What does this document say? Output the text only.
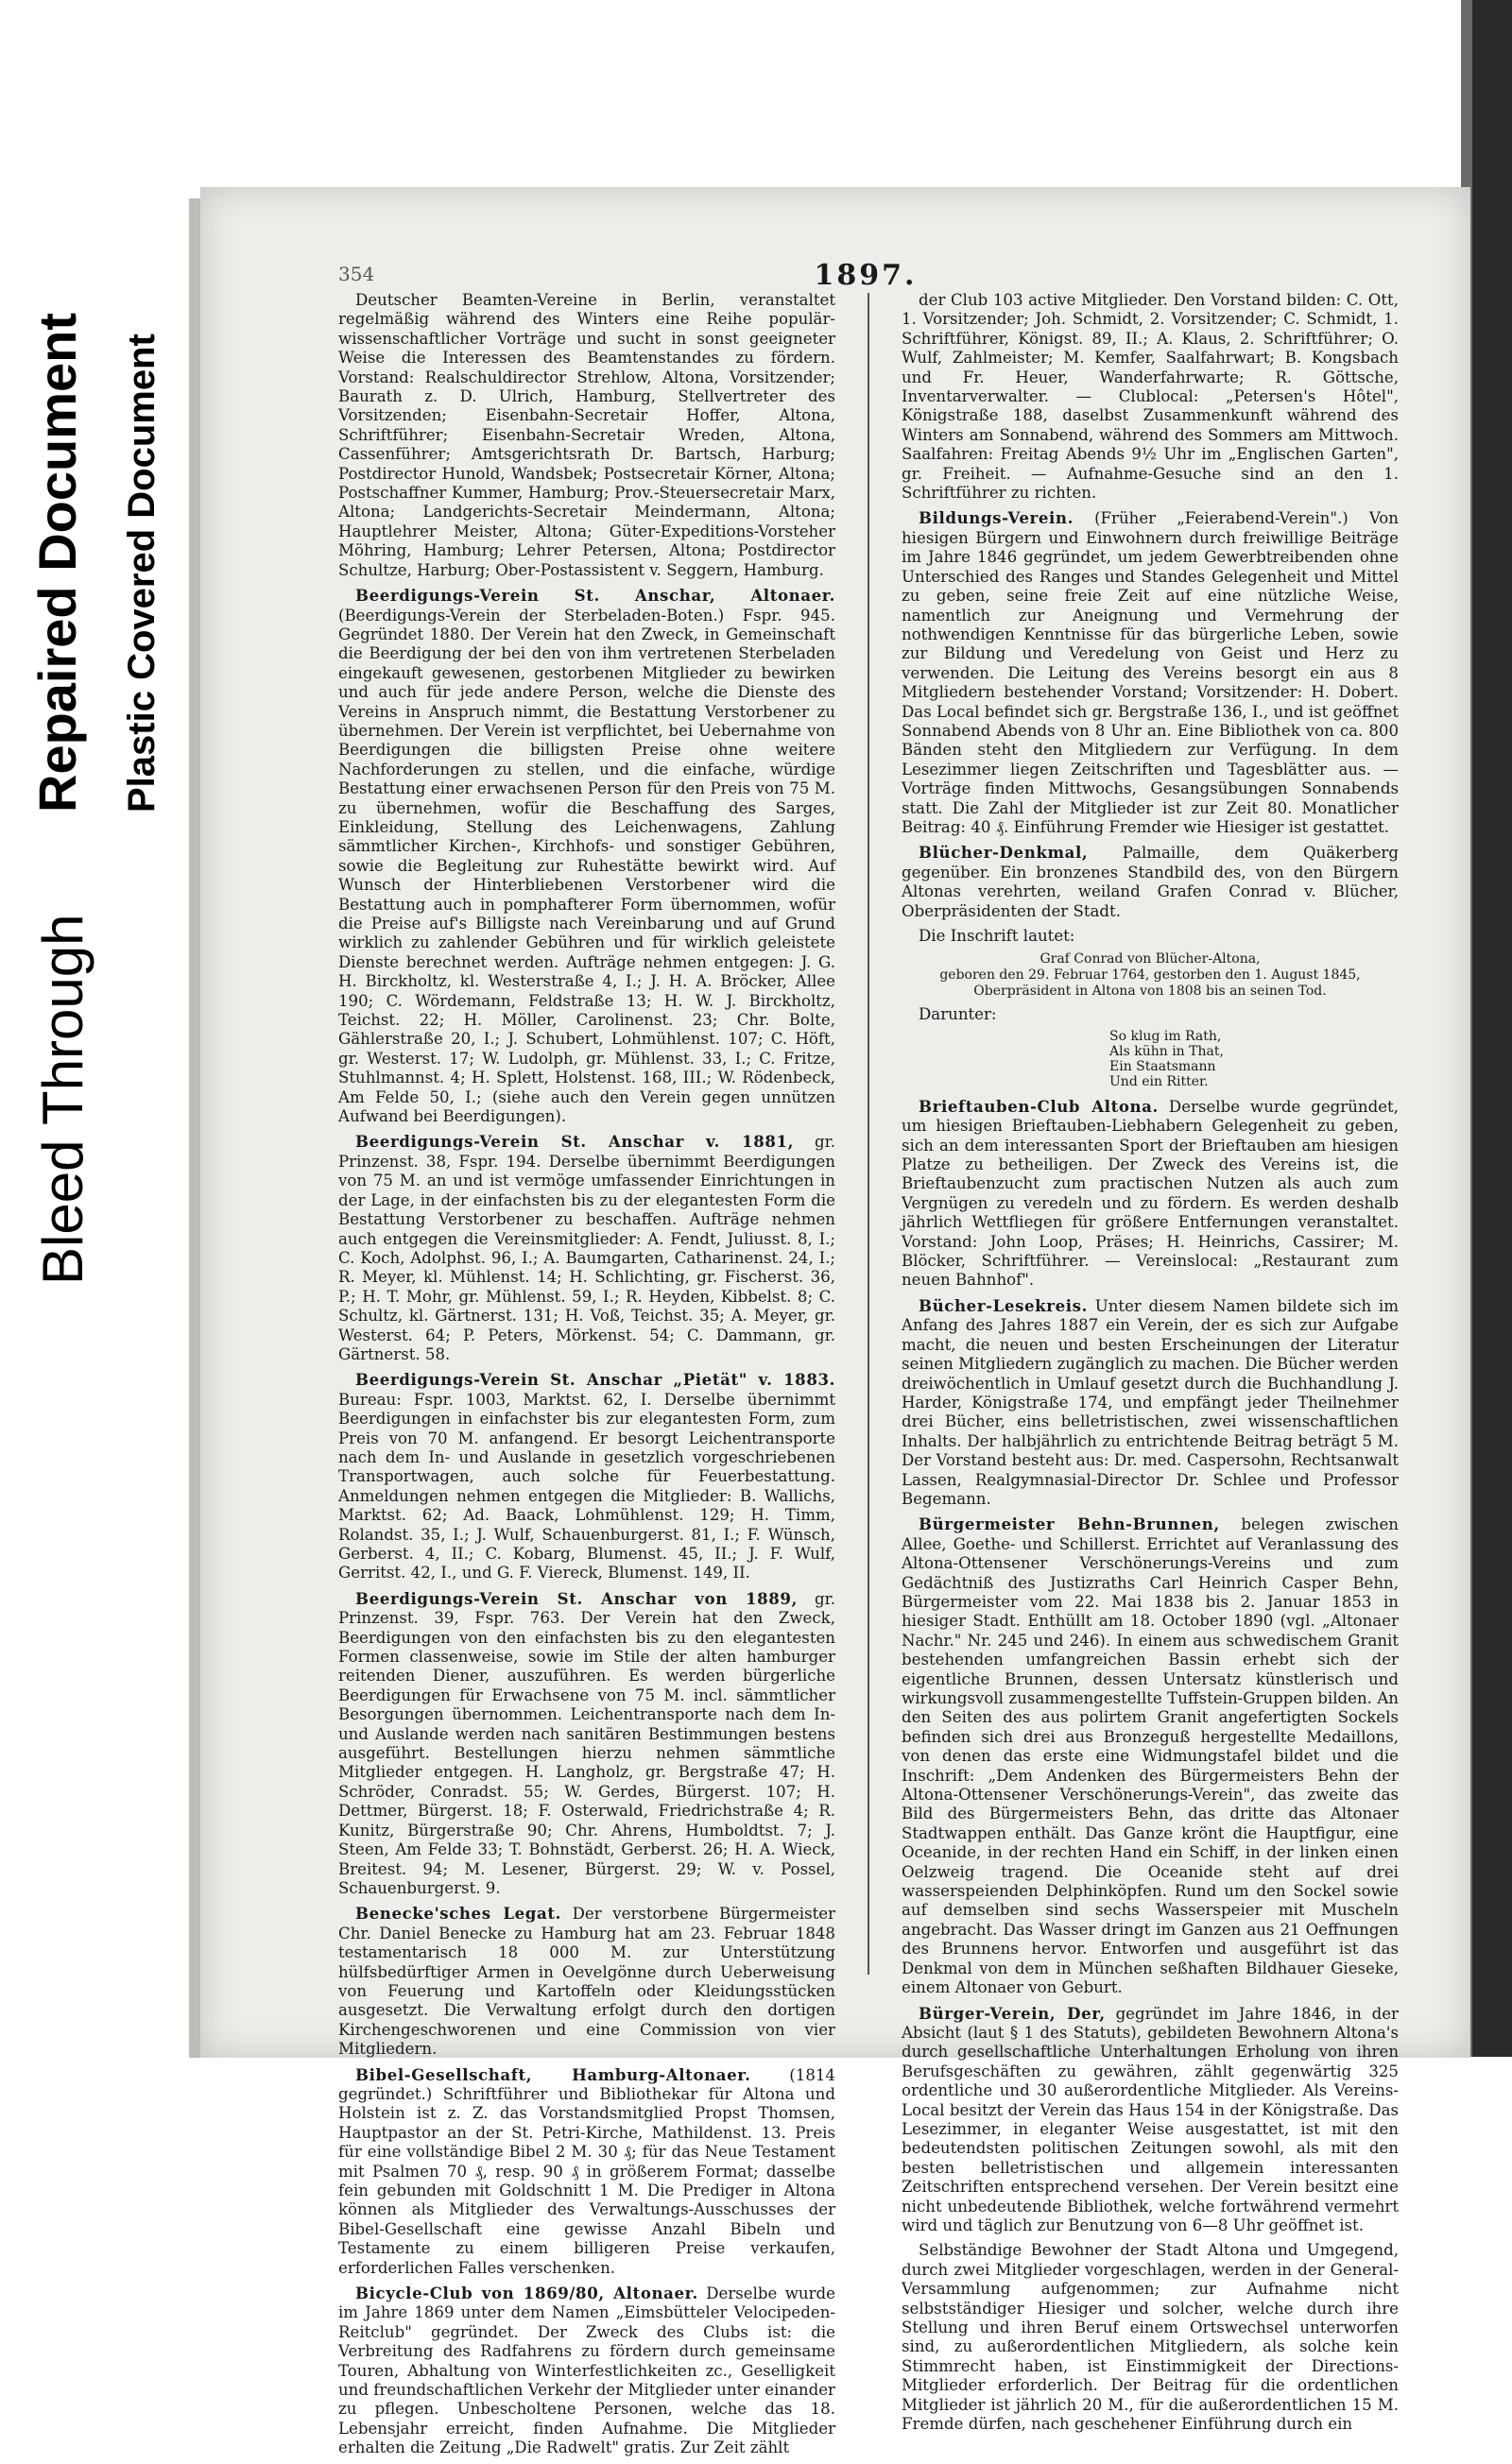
Bleed Through
Repaired Document Plastic Covered Document
354	1897.

Deutscher Beamten-Vereine in Berlin, veranstaltet regelmäßig während des Winters eine Reihe populär-wissenschaftlicher Vorträge und sucht in sonst geeigneter Weise die Interessen des Beamtenstandes zu fördern. Vorstand: Realschuldirector Strehlow, Altona, Vorsitzender; Baurath z. D. Ulrich, Hamburg, Stellvertreter des Vorsitzenden; Eisenbahn-Secretair Hoffer, Altona, Schriftführer; Eisenbahn-Secretair Wreden, Altona, Cassenführer; Amtsgerichtsrath Dr. Bartsch, Harburg; Postdirector Hunold, Wandsbek; Postsecretair Körner, Altona; Postschaffner Kummer, Hamburg; Prov.-Steuersecretair Marx, Altona; Landgerichts-Secretair Meindermann, Altona; Hauptlehrer Meister, Altona; Güter-Expeditions-Vorsteher Möhring, Hamburg; Lehrer Petersen, Altona; Postdirector Schultze, Harburg; Ober-Postassistent v. Seggern, Hamburg.

Beerdigungs-Verein St. Anschar, Altonaer. (Beerdigungs-Verein der Sterbeladen-Boten.) Fspr. 945. Gegründet 1880. Der Verein hat den Zweck, in Gemeinschaft die Beerdigung der bei den von ihm vertretenen Sterbeladen eingekauft gewesenen, gestorbenen Mitglieder zu bewirken und auch für jede andere Person, welche die Dienste des Vereins in Anspruch nimmt, die Bestattung Verstorbener zu übernehmen. Der Verein ist verpflichtet, bei Uebernahme von Beerdigungen die billigsten Preise ohne weitere Nachforderungen zu stellen, und die einfache, würdige Bestattung einer erwachsenen Person für den Preis von 75 M. zu übernehmen, wofür die Beschaffung des Sarges, Einkleidung, Stellung des Leichenwagens, Zahlung sämmtlicher Kirchen-, Kirchhofs- und sonstiger Gebühren, sowie die Begleitung zur Ruhestätte bewirkt wird. Auf Wunsch der Hinterbliebenen Verstorbener wird die Bestattung auch in pomphafterer Form übernommen, wofür die Preise auf's Billigste nach Vereinbarung und auf Grund wirklich zu zahlender Gebühren und für wirklich geleistete Dienste berechnet werden. Aufträge nehmen entgegen: J. G. H. Birckholtz, kl. Westerstraße 4, I.; J. H. A. Bröcker, Allee 190; C. Wördemann, Feldstraße 13; H. W. J. Birckholtz, Teichst. 22; H. Möller, Carolinenst. 23; Chr. Bolte, Gählerstraße 20, I.; J. Schubert, Lohmühlenst. 107; C. Höft, gr. Westerst. 17; W. Ludolph, gr. Mühlenst. 33, I.; C. Fritze, Stuhlmannst. 4; H. Splett, Holstenst. 168, III.; W. Rödenbeck, Am Felde 50, I.; (siehe auch den Verein gegen unnützen Aufwand bei Beerdigungen).

Beerdigungs-Verein St. Anschar v. 1881, gr. Prinzenst. 38, Fspr. 194. Derselbe übernimmt Beerdigungen von 75 M. an und ist vermöge umfassender Einrichtungen in der Lage, in der einfachsten bis zu der elegantesten Form die Bestattung Verstorbener zu beschaffen. Aufträge nehmen auch entgegen die Vereinsmitglieder: A. Fendt, Juliusst. 8, I.; C. Koch, Adolphst. 96, I.; A. Baumgarten, Catharinenst. 24, I.; R. Meyer, kl. Mühlenst. 14; H. Schlichting, gr. Fischerst. 36, P.; H. T. Mohr, gr. Mühlenst. 59, I.; R. Heyden, Kibbelst. 8; C. Schultz, kl. Gärtnerst. 131; H. Voß, Teichst. 35; A. Meyer, gr. Westerst. 64; P. Peters, Mörkenst. 54; C. Dammann, gr. Gärtnerst. 58.

Beerdigungs-Verein St. Anschar „Pietät" v. 1883. Bureau: Fspr. 1003, Marktst. 62, I. Derselbe übernimmt Beerdigungen in einfachster bis zur elegantesten Form, zum Preis von 70 M. anfangend. Er besorgt Leichentransporte nach dem In- und Auslande in gesetzlich vorgeschriebenen Transportwagen, auch solche für Feuerbestattung. Anmeldungen nehmen entgegen die Mitglieder: B. Wallichs, Marktst. 62; Ad. Baack, Lohmühlenst. 129; H. Timm, Rolandst. 35, I.; J. Wulf, Schauenburgerst. 81, I.; F. Wünsch, Gerberst. 4, II.; C. Kobarg, Blumenst. 45, II.; J. F. Wulf, Gerritst. 42, I., und G. F. Viereck, Blumenst. 149, II.

Beerdigungs-Verein St. Anschar von 1889, gr. Prinzenst. 39, Fspr. 763. Der Verein hat den Zweck, Beerdigungen von den einfachsten bis zu den elegantesten Formen classenweise, sowie im Stile der alten hamburger reitenden Diener, auszuführen. Es werden bürgerliche Beerdigungen für Erwachsene von 75 M. incl. sämmtlicher Besorgungen übernommen. Leichentransporte nach dem In- und Auslande werden nach sanitären Bestimmungen bestens ausgeführt. Bestellungen hierzu nehmen sämmtliche Mitglieder entgegen. H. Langholz, gr. Bergstraße 47; H. Schröder, Conradst. 55; W. Gerdes, Bürgerst. 107; H. Dettmer, Bürgerst. 18; F. Osterwald, Friedrichstraße 4; R. Kunitz, Bürgerstraße 90; Chr. Ahrens, Humboldtst. 7; J. Steen, Am Felde 33; T. Bohnstädt, Gerberst. 26; H. A. Wieck, Breitest. 94; M. Lesener, Bürgerst. 29; W. v. Possel, Schauenburgerst. 9.

Benecke'sches Legat. Der verstorbene Bürgermeister Chr. Daniel Benecke zu Hamburg hat am 23. Februar 1848 testamentarisch 18 000 M. zur Unterstützung hülfsbedürftiger Armen in Oevelgönne durch Ueberweisung von Feuerung und Kartoffeln oder Kleidungsstücken ausgesetzt. Die Verwaltung erfolgt durch den dortigen Kirchengeschworenen und eine Commission von vier Mitgliedern.

Bibel-Gesellschaft, Hamburg-Altonaer. (1814 gegründet.) Schriftführer und Bibliothekar für Altona und Holstein ist z. Z. das Vorstandsmitglied Propst Thomsen, Hauptpastor an der St. Petri-Kirche, Mathildenst. 13. Preis für eine vollständige Bibel 2 M. 30 ₰; für das Neue Testament mit Psalmen 70 ₰, resp. 90 ₰ in größerem Format; dasselbe fein gebunden mit Goldschnitt 1 M. Die Prediger in Altona können als Mitglieder des Verwaltungs-Ausschusses der Bibel-Gesellschaft eine gewisse Anzahl Bibeln und Testamente zu einem billigeren Preise verkaufen, erforderlichen Falles verschenken.

Bicycle-Club von 1869/80, Altonaer. Derselbe wurde im Jahre 1869 unter dem Namen „Eimsbütteler Velocipeden-Reitclub" gegründet. Der Zweck des Clubs ist: die Verbreitung des Radfahrens zu fördern durch gemeinsame Touren, Abhaltung von Winterfestlichkeiten zc., Geselligkeit und freundschaftlichen Verkehr der Mitglieder unter einander zu pflegen. Unbescholtene Personen, welche das 18. Lebensjahr erreicht, finden Aufnahme. Die Mitglieder erhalten die Zeitung „Die Radwelt" gratis. Zur Zeit zählt

der Club 103 active Mitglieder. Den Vorstand bilden: C. Ott, 1. Vorsitzender; Joh. Schmidt, 2. Vorsitzender; C. Schmidt, 1. Schriftführer, Königst. 89, II.; A. Klaus, 2. Schriftführer; O. Wulf, Zahlmeister; M. Kemfer, Saalfahrwart; B. Kongsbach und Fr. Heuer, Wanderfahrwarte; R. Göttsche, Inventarverwalter. — Clublocal: „Petersen's Hôtel", Königstraße 188, daselbst Zusammenkunft während des Winters am Sonnabend, während des Sommers am Mittwoch. Saalfahren: Freitag Abends 9½ Uhr im „Englischen Garten", gr. Freiheit. — Aufnahme-Gesuche sind an den 1. Schriftführer zu richten.

Bildungs-Verein. (Früher „Feierabend-Verein".) Von hiesigen Bürgern und Einwohnern durch freiwillige Beiträge im Jahre 1846 gegründet, um jedem Gewerbtreibenden ohne Unterschied des Ranges und Standes Gelegenheit und Mittel zu geben, seine freie Zeit auf eine nützliche Weise, namentlich zur Aneignung und Vermehrung der nothwendigen Kenntnisse für das bürgerliche Leben, sowie zur Bildung und Veredelung von Geist und Herz zu verwenden. Die Leitung des Vereins besorgt ein aus 8 Mitgliedern bestehender Vorstand; Vorsitzender: H. Dobert. Das Local befindet sich gr. Bergstraße 136, I., und ist geöffnet Sonnabend Abends von 8 Uhr an. Eine Bibliothek von ca. 800 Bänden steht den Mitgliedern zur Verfügung. In dem Lesezimmer liegen Zeitschriften und Tagesblätter aus. — Vorträge finden Mittwochs, Gesangsübungen Sonnabends statt. Die Zahl der Mitglieder ist zur Zeit 80. Monatlicher Beitrag: 40 ₰. Einführung Fremder wie Hiesiger ist gestattet.

Blücher-Denkmal, Palmaille, dem Quäkerberg gegenüber. Ein bronzenes Standbild des, von den Bürgern Altonas verehrten, weiland Grafen Conrad v. Blücher, Oberpräsidenten der Stadt.

Die Inschrift lautet:

Graf Conrad von Blücher-Altona,
geboren den 29. Februar 1764, gestorben den 1. August 1845,
Oberpräsident in Altona von 1808 bis an seinen Tod.
Darunter:
So klug im Rath,
Als kühn in That,
Ein Staatsmann
Und ein Ritter.

Brieftauben-Club Altona. Derselbe wurde gegründet, um hiesigen Brieftauben-Liebhabern Gelegenheit zu geben, sich an dem interessanten Sport der Brieftauben am hiesigen Platze zu betheiligen. Der Zweck des Vereins ist, die Brieftaubenzucht zum practischen Nutzen als auch zum Vergnügen zu veredeln und zu fördern. Es werden deshalb jährlich Wettfliegen für größere Entfernungen veranstaltet. Vorstand: John Loop, Präses; H. Heinrichs, Cassirer; M. Blöcker, Schriftführer. — Vereinslocal: „Restaurant zum neuen Bahnhof".

Bücher-Lesekreis. Unter diesem Namen bildete sich im Anfang des Jahres 1887 ein Verein, der es sich zur Aufgabe macht, die neuen und besten Erscheinungen der Literatur seinen Mitgliedern zugänglich zu machen. Die Bücher werden dreiwöchentlich in Umlauf gesetzt durch die Buchhandlung J. Harder, Königstraße 174, und empfängt jeder Theilnehmer drei Bücher, eins belletristischen, zwei wissenschaftlichen Inhalts. Der halbjährlich zu entrichtende Beitrag beträgt 5 M. Der Vorstand besteht aus: Dr. med. Caspersohn, Rechtsanwalt Lassen, Realgymnasial-Director Dr. Schlee und Professor Begemann.

Bürgermeister Behn-Brunnen, belegen zwischen Allee, Goethe- und Schillerst. Errichtet auf Veranlassung des Altona-Ottensener Verschönerungs-Vereins und zum Gedächtniß des Justizraths Carl Heinrich Casper Behn, Bürgermeister vom 22. Mai 1838 bis 2. Januar 1853 in hiesiger Stadt. Enthüllt am 18. October 1890 (vgl. „Altonaer Nachr." Nr. 245 und 246). In einem aus schwedischem Granit bestehenden umfangreichen Bassin erhebt sich der eigentliche Brunnen, dessen Untersatz künstlerisch und wirkungsvoll zusammengestellte Tuffstein-Gruppen bilden. An den Seiten des aus polirtem Granit angefertigten Sockels befinden sich drei aus Bronzeguß hergestellte Medaillons, von denen das erste eine Widmungstafel bildet und die Inschrift: „Dem Andenken des Bürgermeisters Behn der Altona-Ottensener Verschönerungs-Verein", das zweite das Bild des Bürgermeisters Behn, das dritte das Altonaer Stadtwappen enthält. Das Ganze krönt die Hauptfigur, eine Oceanide, in der rechten Hand ein Schiff, in der linken einen Oelzweig tragend. Die Oceanide steht auf drei wasserspeienden Delphinköpfen. Rund um den Sockel sowie auf demselben sind sechs Wasserspeier mit Muscheln angebracht. Das Wasser dringt im Ganzen aus 21 Oeffnungen des Brunnens hervor. Entworfen und ausgeführt ist das Denkmal von dem in München seßhaften Bildhauer Gieseke, einem Altonaer von Geburt.

Bürger-Verein, Der, gegründet im Jahre 1846, in der Absicht (laut § 1 des Statuts), gebildeten Bewohnern Altona's durch gesellschaftliche Unterhaltungen Erholung von ihren Berufsgeschäften zu gewähren, zählt gegenwärtig 325 ordentliche und 30 außerordentliche Mitglieder. Als Vereins-Local besitzt der Verein das Haus 154 in der Königstraße. Das Lesezimmer, in eleganter Weise ausgestattet, ist mit den bedeutendsten politischen Zeitungen sowohl, als mit den besten belletristischen und allgemein interessanten Zeitschriften entsprechend versehen. Der Verein besitzt eine nicht unbedeutende Bibliothek, welche fortwährend vermehrt wird und täglich zur Benutzung von 6—8 Uhr geöffnet ist.

Selbständige Bewohner der Stadt Altona und Umgegend, durch zwei Mitglieder vorgeschlagen, werden in der General-Versammlung aufgenommen; zur Aufnahme nicht selbstständiger Hiesiger und solcher, welche durch ihre Stellung und ihren Beruf einem Ortswechsel unterworfen sind, zu außerordentlichen Mitgliedern, als solche kein Stimmrecht haben, ist Einstimmigkeit der Directions-Mitglieder erforderlich. Der Beitrag für die ordentlichen Mitglieder ist jährlich 20 M., für die außerordentlichen 15 M. Fremde dürfen, nach geschehener Einführung durch ein
